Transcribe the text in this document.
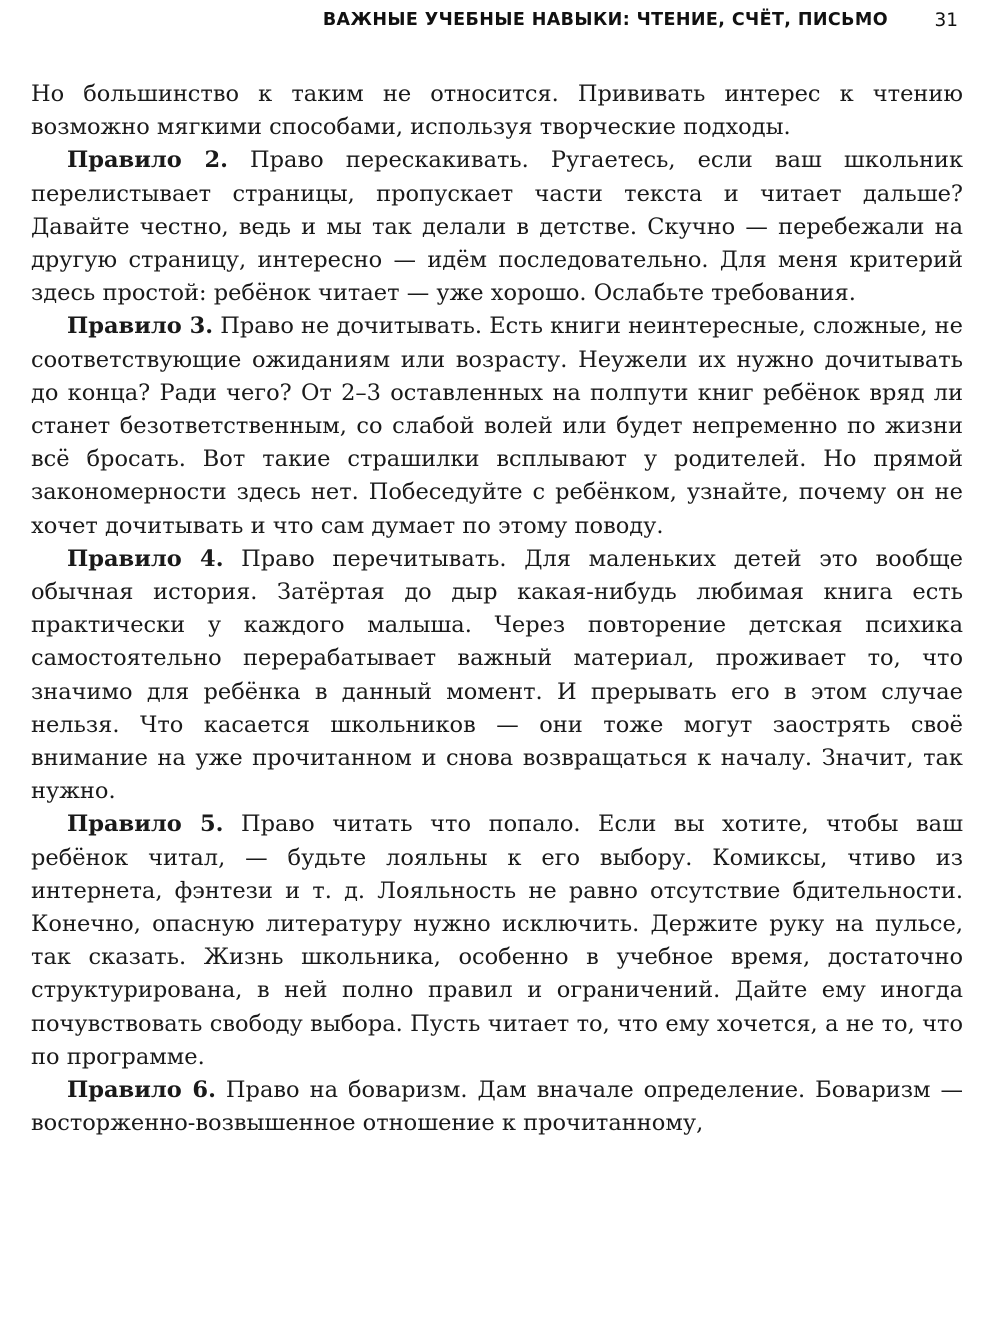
ВАЖНЫЕ УЧЕБНЫЕ НАВЫКИ: ЧТЕНИЕ, СЧЁТ, ПИСЬМО	31

Но большинство к таким не относится. Прививать интерес к чтению возможно мягкими способами, используя творческие подходы.

Правило 2. Право перескакивать. Ругаетесь, если ваш школьник перелистывает страницы, пропускает части текста и читает дальше? Давайте честно, ведь и мы так делали в детстве. Скучно — перебежали на другую страницу, интересно — идём последовательно. Для меня критерий здесь простой: ребёнок читает — уже хорошо. Ослабьте требования.

Правило 3. Право не дочитывать. Есть книги неинтересные, сложные, не соответствующие ожиданиям или возрасту. Неужели их нужно дочитывать до конца? Ради чего? От 2–3 оставленных на полпути книг ребёнок вряд ли станет безответственным, со слабой волей или будет непременно по жизни всё бросать. Вот такие страшилки всплывают у родителей. Но прямой закономерности здесь нет. Побеседуйте с ребёнком, узнайте, почему он не хочет дочитывать и что сам думает по этому поводу.

Правило 4. Право перечитывать. Для маленьких детей это вообще обычная история. Затёртая до дыр какая-нибудь любимая книга есть практически у каждого малыша. Через повторение детская психика самостоятельно перерабатывает важный материал, проживает то, что значимо для ребёнка в данный момент. И прерывать его в этом случае нельзя. Что касается школьников — они тоже могут заострять своё внимание на уже прочитанном и снова возвращаться к началу. Значит, так нужно.

Правило 5. Право читать что попало. Если вы хотите, чтобы ваш ребёнок читал, — будьте лояльны к его выбору. Комиксы, чтиво из интернета, фэнтези и т. д. Лояльность не равно отсутствие бдительности. Конечно, опасную литературу нужно исключить. Держите руку на пульсе, так сказать. Жизнь школьника, особенно в учебное время, достаточно структурирована, в ней полно правил и ограничений. Дайте ему иногда почувствовать свободу выбора. Пусть читает то, что ему хочется, а не то, что по программе.

Правило 6. Право на боваризм. Дам вначале определение. Боваризм — восторженно-возвышенное отношение к прочитанному,
